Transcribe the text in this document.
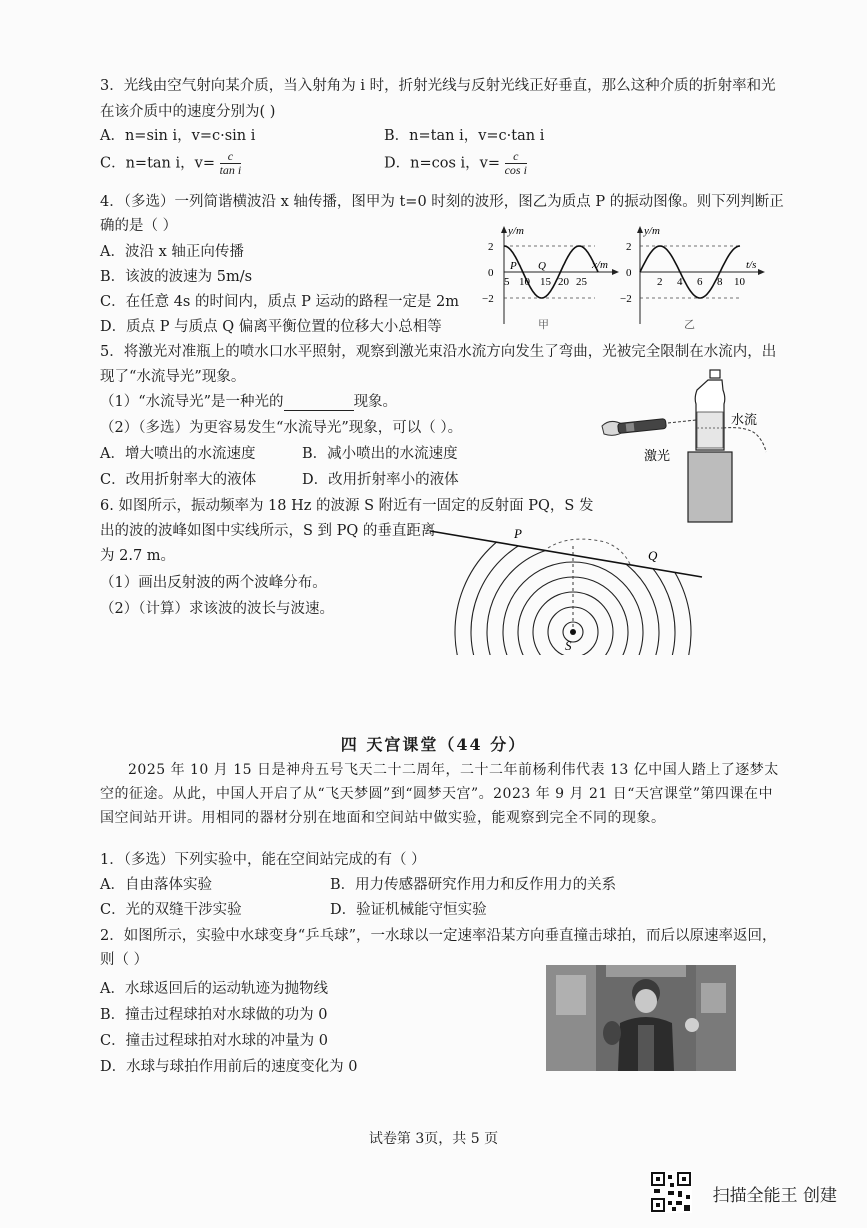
3．光线由空气射向某介质，当入射角为 i 时，折射光线与反射光线正好垂直，那么这种介质的折射率和光
在该介质中的速度分别为( )
A．n=sin i，v=c·sin i	B．n=tan i，v=c·tan i
C．n=tan i，$v= \frac{c}{\text{tan i}}$	D．n=cos i，$v= \frac{c}{\text{cos i}}$
4．（多选）一列简谐横波沿 x 轴传播，图甲为 t=0 时刻的波形，图乙为质点 P 的振动图像。则下列判断正
确的是（ ）
A．波沿 x 轴正向传播
B．该波的波速为 5m/s
C．在任意 4s 的时间内，质点 P 运动的路程一定是 2m
D．质点 P 与质点 Q 偏离平衡位置的位移大小总相等
y/m
x/m
2
0
−2
5 10 15 20 25
P Q
甲
y/m
t/s
2
0
−2
2 4 6 8 10
乙
5．将激光对准瓶上的喷水口水平照射，观察到激光束沿水流方向发生了弯曲，光被完全限制在水流内，出
现了“水流导光”现象。
（1）“水流导光”是一种光的	现象。
（2）（多选）为更容易发生“水流导光”现象，可以（ ）。
A．增大喷出的水流速度	B．减小喷出的水流速度
C．改用折射率大的液体	D．改用折射率小的液体
水流
激光
6. 如图所示，振动频率为 18 Hz 的波源 S 附近有一固定的反射面 PQ，S 发
出的波的波峰如图中实线所示，S 到 PQ 的垂直距离
为 2.7 m。
（1）画出反射波的两个波峰分布。
（2）（计算）求该波的波长与波速。
P
Q
S
四 天宫课堂（44 分）
2025 年 10 月 15 日是神舟五号飞天二十二周年，二十二年前杨利伟代表 13 亿中国人踏上了逐梦太空的征途。从此，中国人开启了从“飞天梦圆”到“圆梦天宫”。2023 年 9 月 21 日“天宫课堂”第四课在中国空间站开讲。用相同的器材分别在地面和空间站中做实验，能观察到完全不同的现象。
1．（多选）下列实验中，能在空间站完成的有（ ）
A．自由落体实验	B．用力传感器研究作用力和反作用力的关系
C．光的双缝干涉实验	D．验证机械能守恒实验
2．如图所示，实验中水球变身“乒乓球”，一水球以一定速率沿某方向垂直撞击球拍，而后以原速率返回，
则（ ）
A．水球返回后的运动轨迹为抛物线
B．撞击过程球拍对水球做的功为 0
C．撞击过程球拍对水球的冲量为 0
D．水球与球拍作用前后的速度变化为 0
试卷第 3页，共 5 页
扫描全能王 创建
